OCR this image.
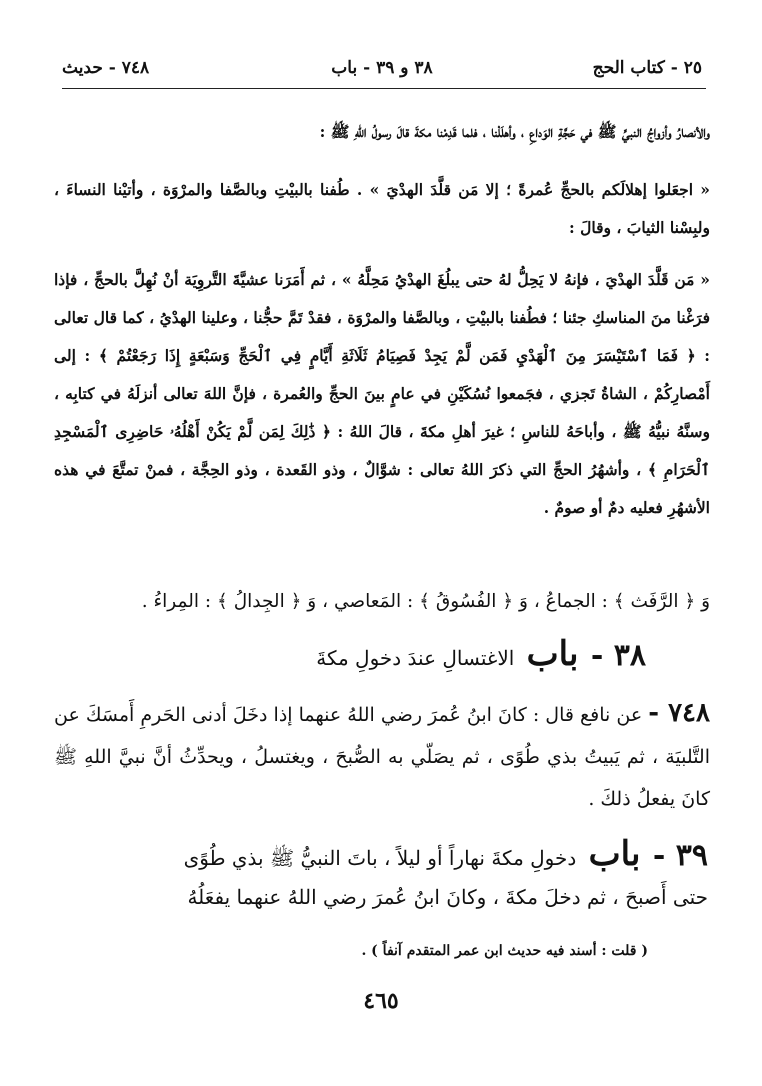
٢٥ - كتاب الحج
٣٨ و ٣٩ - باب
٧٤٨ - حديث

والأنصارُ وأزواجُ النبيِّ ﷺ في حَجَّةِ الوَداعِ ، وأهلَلْنا ، فلما قَدِمْنا مكةَ قالَ رسولُ اللهِ ﷺ :

« اجعَلوا إهلالَكم بالحجِّ عُمرةً ؛ إلا مَن قلَّدَ الهدْيَ » . طُفنا بالبيْتِ وبالصَّفا والمرْوَة ، وأتيْنا النساءَ ، ولبِسْنا الثيابَ ، وقالَ :

« مَن قَلَّدَ الهدْيَ ، فإنهُ لا يَحِلُّ لهُ حتى يبلُغَ الهدْيُ مَحِلَّهُ » ، ثم أَمَرَنا عشيَّةَ التَّروِيَة أنْ نُهِلَّ بالحجِّ ، فإذا فرَغْنا منَ المناسكِ جئنا ؛ فطُفنا بالبيْتِ ، وبالصَّفا والمرْوَة ، فقدْ تَمَّ حجُّنا ، وعلينا الهدْيُ ، كما قال تعالى : ﴿ فَمَا ٱسْتَيْسَرَ مِنَ ٱلْهَدْيِ فَمَن لَّمْ يَجِدْ فَصِيَامُ ثَلَاثَةِ أَيَّامٍ فِي ٱلْحَجِّ وَسَبْعَةٍ إِذَا رَجَعْتُمْ ﴾ : إلى أَمْصارِكُمْ ، الشاةُ تَجزي ، فجَمعوا نُسُكَيْنِ في عامٍ بينَ الحجِّ والعُمرة ، فإنَّ اللهَ تعالى أنزلَهُ في كتابِه ، وسنَّهُ نبيُّهُ ﷺ ، وأباحَهُ للناسِ ؛ غيرَ أهلِ مكةَ ، قالَ اللهُ : ﴿ ذَٰلِكَ لِمَن لَّمْ يَكُنْ أَهْلُهُۥ حَاضِرِى ٱلْمَسْجِدِ ٱلْحَرَامِ ﴾ ، وأشهُرُ الحجِّ التي ذكرَ اللهُ تعالى : شوَّالٌ ، وذو القَعدة ، وذو الحِجَّة ، فمنْ تمتَّعَ في هذه الأشهُرِ فعليه دمٌ أو صومٌ .

وَ ﴿ الرَّفَث ﴾ : الجماعُ ، وَ ﴿ الفُسُوقُ ﴾ : المَعاصي ، وَ ﴿ الجِدالُ ﴾ : المِراءُ .

٣٨ - باب الاغتسالِ عندَ دخولِ مكةَ

٧٤٨ - عن نافع قال : كانَ ابنُ عُمرَ رضي اللهُ عنهما إذا دخَلَ أدنى الحَرمِ أَمسَكَ عن التَّلبيَة ، ثم يَبيتُ بذي طُوًى ، ثم يصَلّي به الصُّبحَ ، ويغتسلُ ، ويحدِّثُ أنَّ نبيَّ اللهِ ﷺ كانَ يفعلُ ذلكَ .

٣٩ - باب دخولِ مكةَ نهاراً أو ليلاً ، باتَ النبيُّ ﷺ بذي طُوًى
حتى أَصبحَ ، ثم دخلَ مكةَ ، وكانَ ابنُ عُمرَ رضي اللهُ عنهما يفعَلُهُ
( قلت : أسند فيه حديث ابن عمر المتقدم آنفاً ) .
٤٦٥
